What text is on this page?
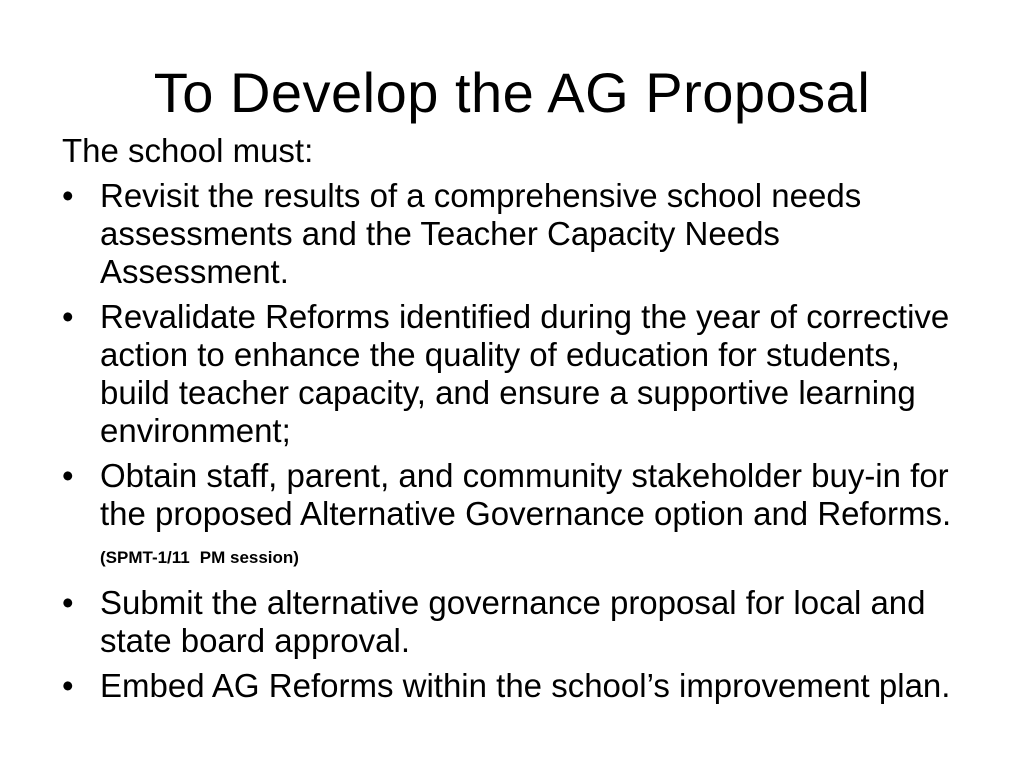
To Develop the AG Proposal

The school must:

• Revisit the results of a comprehensive school needs assessments and the Teacher Capacity Needs Assessment.
• Revalidate Reforms identified during the year of corrective action to enhance the quality of education for students, build teacher capacity, and ensure a supportive learning environment;
• Obtain staff, parent, and community stakeholder buy-in for the proposed Alternative Governance option and Reforms. (SPMT-1/11 PM session)
• Submit the alternative governance proposal for local and state board approval.
• Embed AG Reforms within the school’s improvement plan.
